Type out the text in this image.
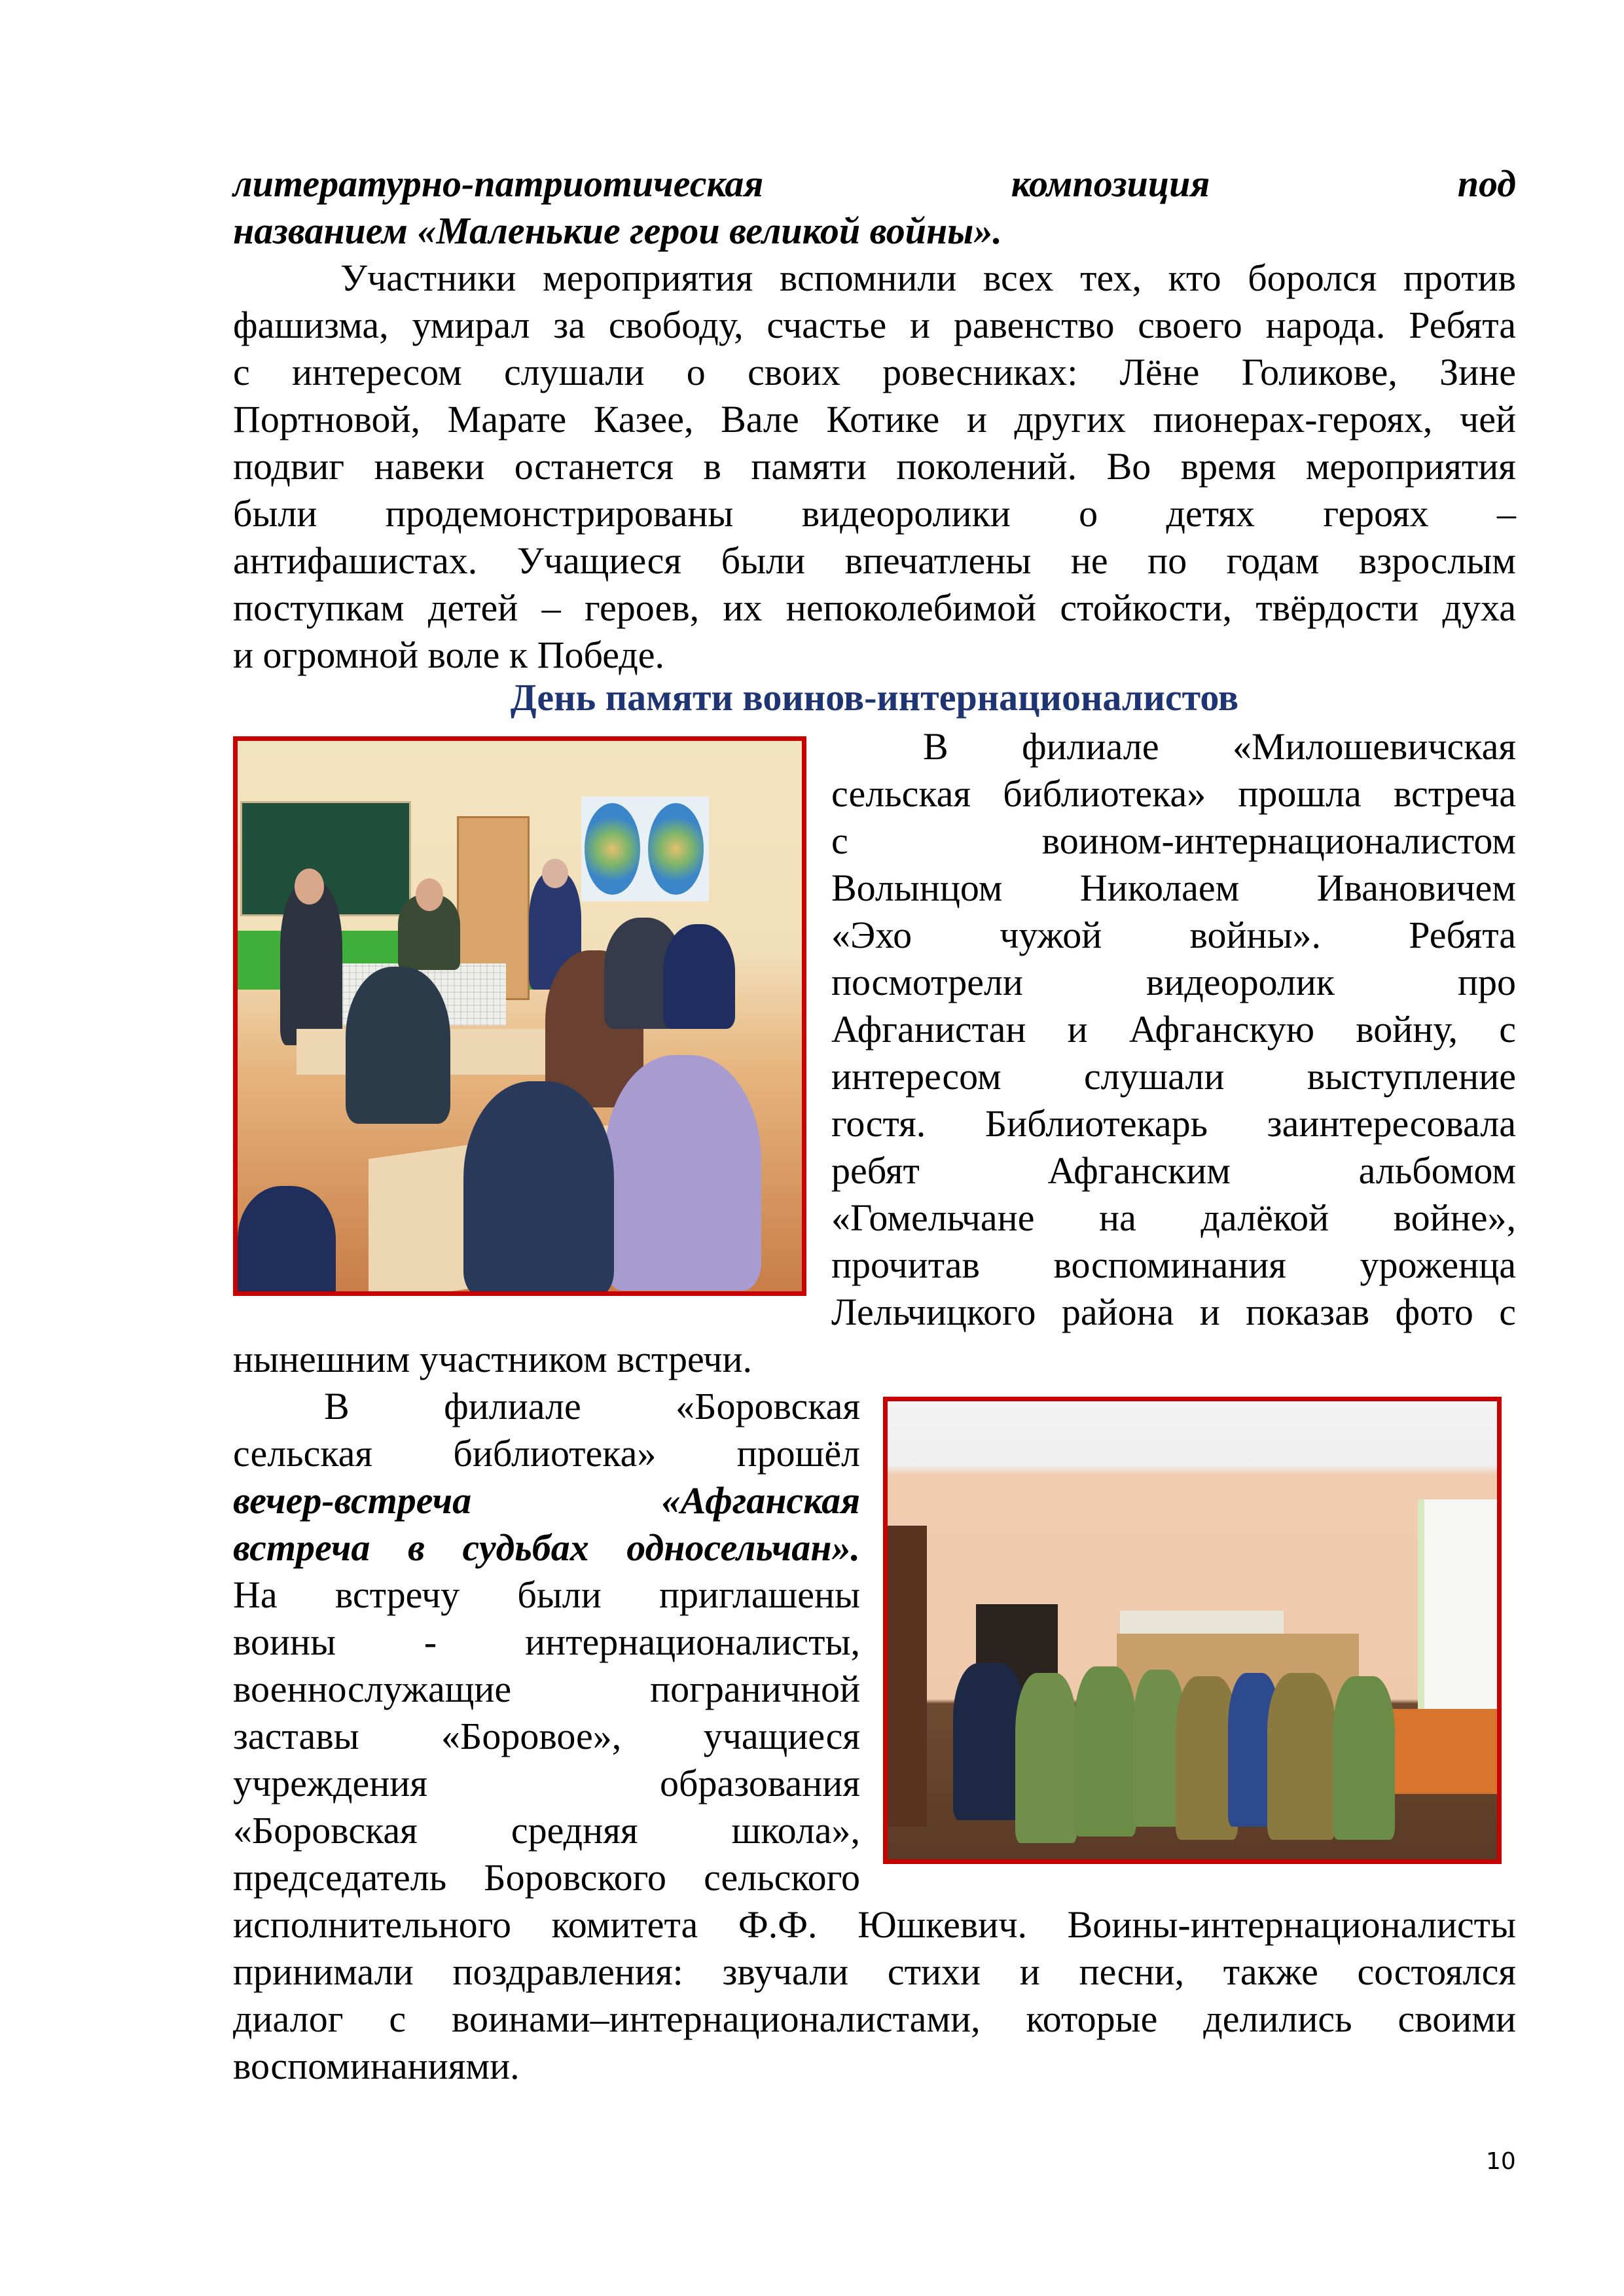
литературно-патриотическая	композиция	под
названием «Маленькие герои великой войны».
Участники мероприятия вспомнили всех тех, кто боролся против
фашизма, умирал за свободу, счастье и равенство своего народа. Ребята
с интересом слушали о своих ровесниках: Лёне Голикове, Зине
Портновой, Марате Казее, Вале Котике и других пионерах-героях, чей
подвиг навеки останется в памяти поколений. Во время мероприятия
были продемонстрированы видеоролики о детях героях –
антифашистах. Учащиеся были впечатлены не по годам взрослым
поступкам детей – героев, их непоколебимой стойкости, твёрдости духа
и огромной воле к Победе.
День памяти воинов-интернационалистов
В филиале «Милошевичская
сельская библиотека» прошла встреча
с воином-интернационалистом
Волынцом Николаем Ивановичем
«Эхо чужой войны». Ребята
посмотрели видеоролик про
Афганистан и Афганскую войну, с
интересом слушали выступление
гостя. Библиотекарь заинтересовала
ребят Афганским альбомом
«Гомельчане на далёкой войне»,
прочитав воспоминания уроженца
Лельчицкого района и показав фото с
нынешним участником встречи.
В филиале «Боровская
сельская библиотека» прошёл
вечер-встреча «Афганская
встреча в судьбах односельчан».
На встречу были приглашены
воины - интернационалисты,
военнослужащие пограничной
заставы «Боровое», учащиеся
учреждения образования
«Боровская средняя школа»,
председатель Боровского сельского
исполнительного комитета Ф.Ф. Юшкевич. Воины-интернационалисты
принимали поздравления: звучали стихи и песни, также состоялся
диалог с воинами–интернационалистами, которые делились своими
воспоминаниями.
10
